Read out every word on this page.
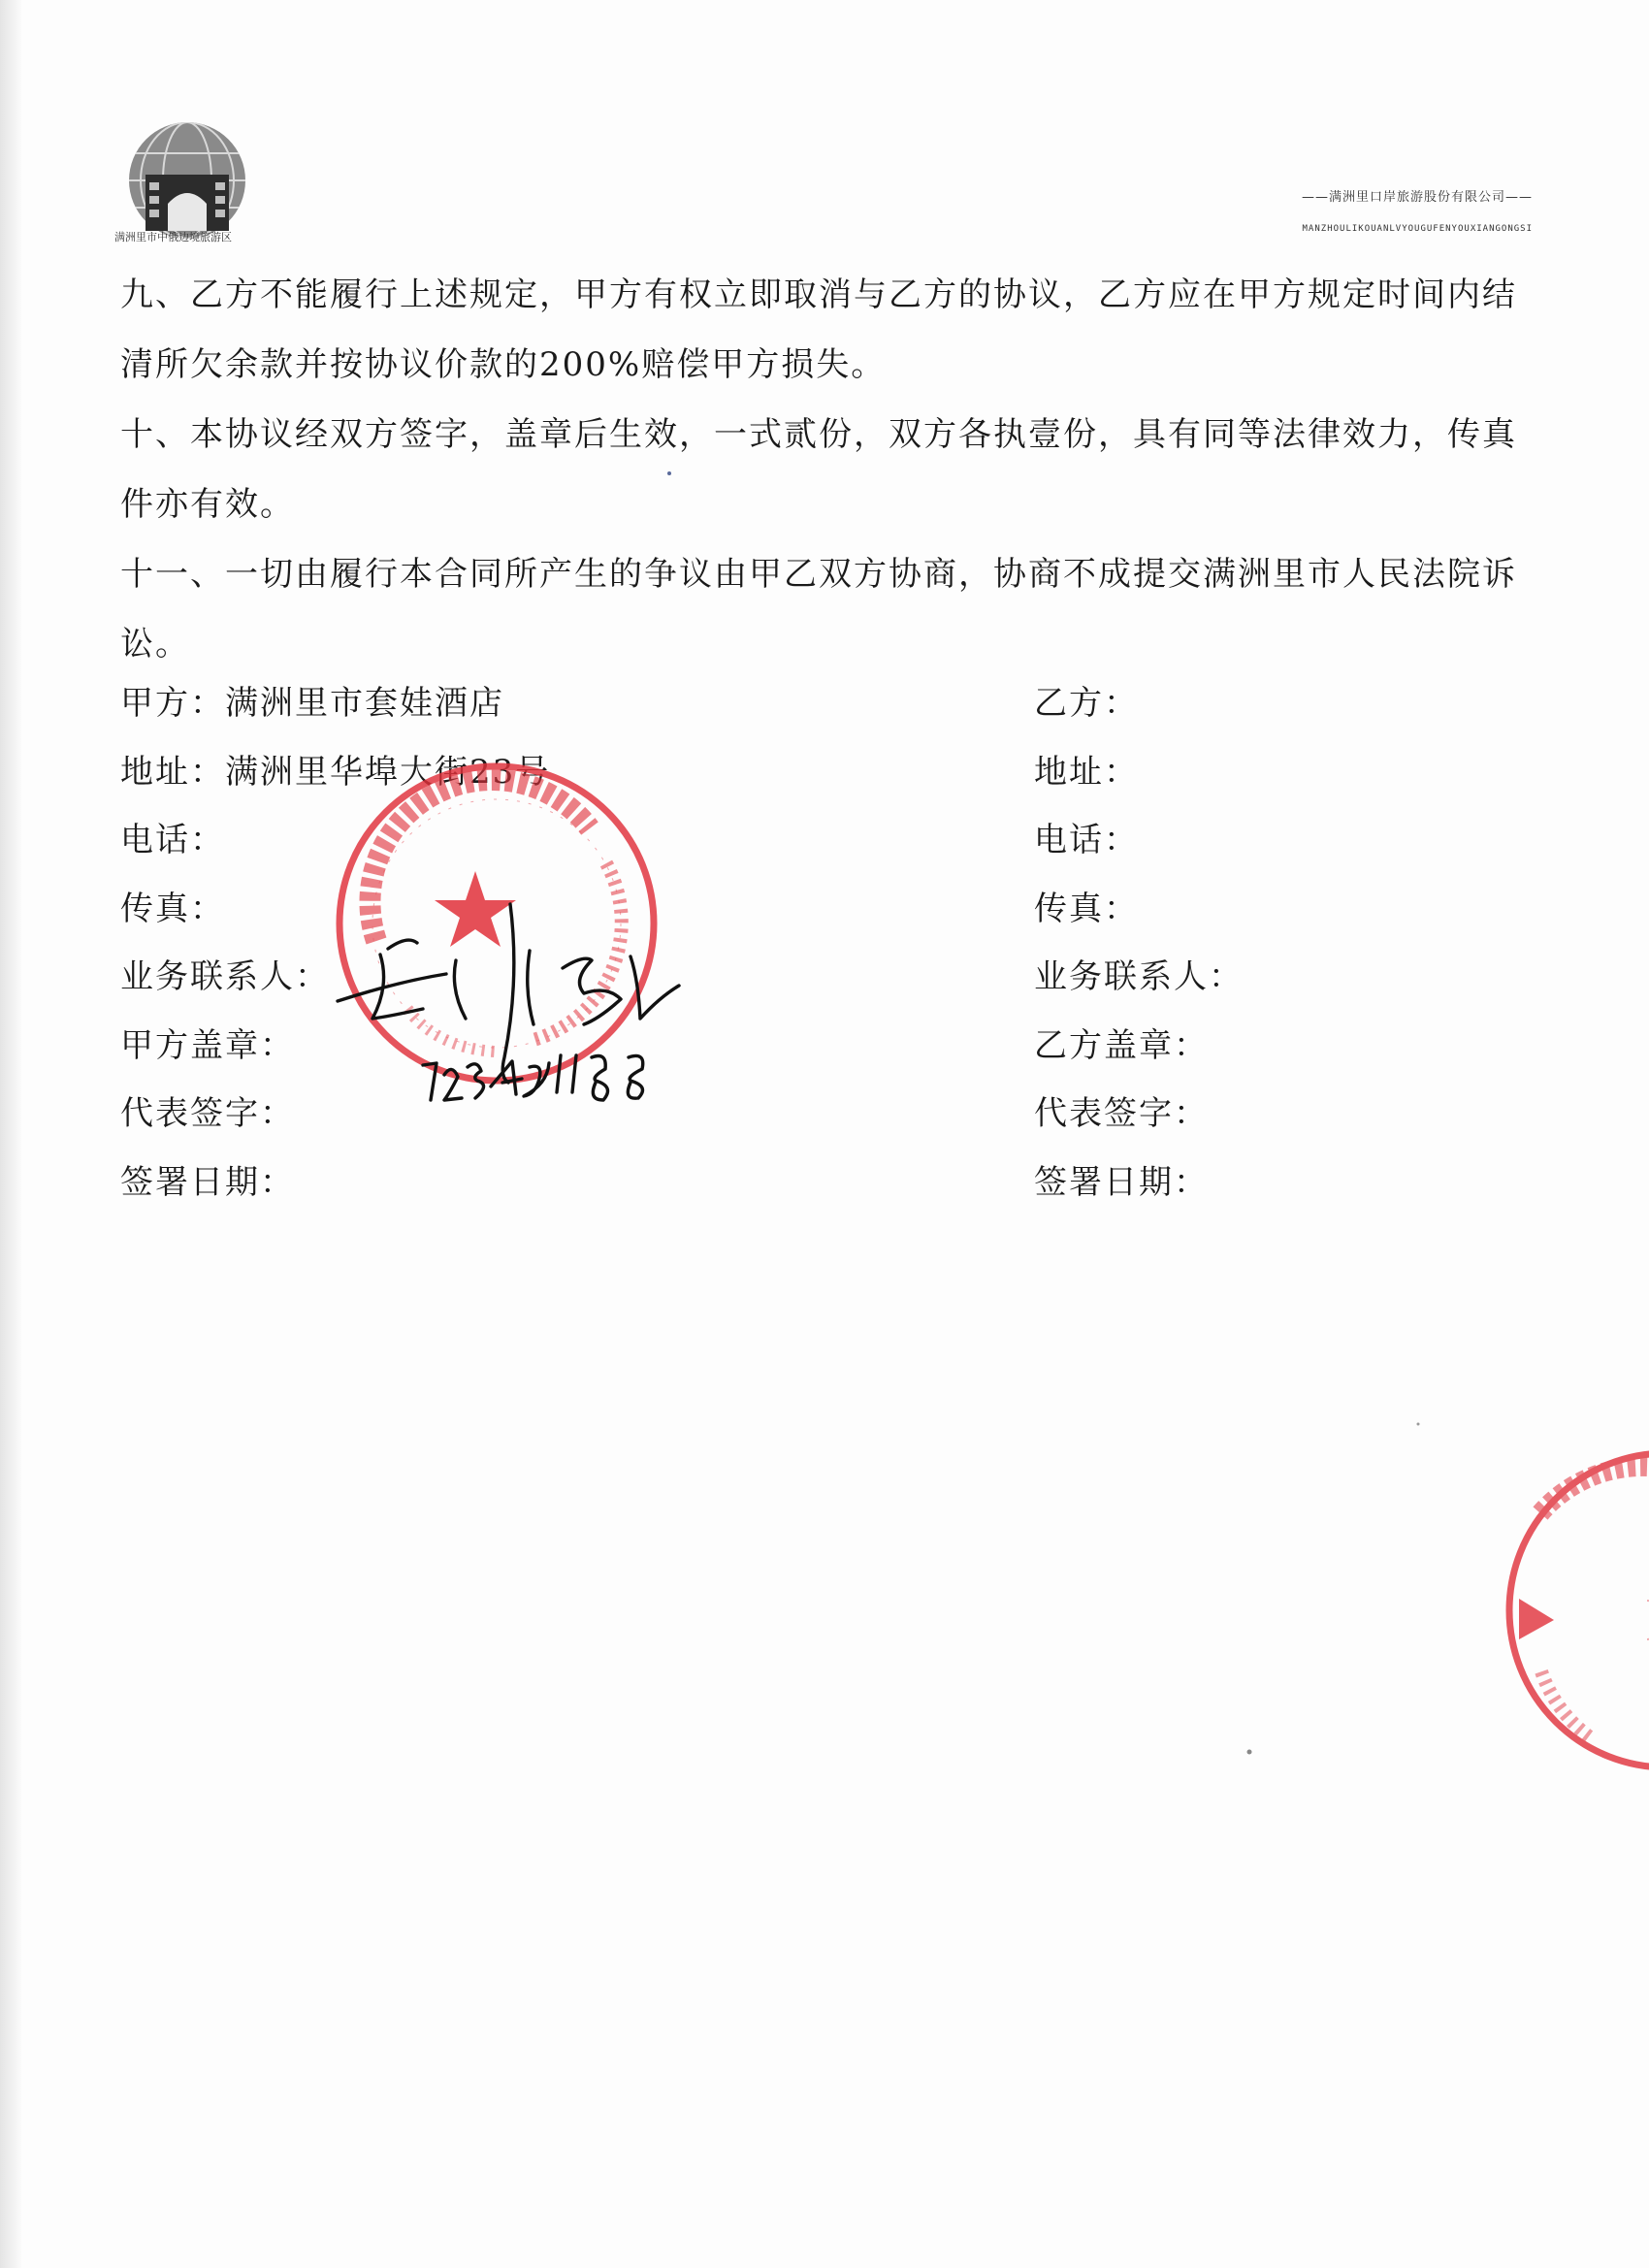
满洲里市中俄边境旅游区
——满洲里口岸旅游股份有限公司——
MANZHOULIKOUANLVYOUGUFENYOUXIANGONGSI

九、乙方不能履行上述规定，甲方有权立即取消与乙方的协议，乙方应在甲方规定时间内结清所欠余款并按协议价款的200%赔偿甲方损失。

十、本协议经双方签字，盖章后生效，一式贰份，双方各执壹份，具有同等法律效力，传真件亦有效。

十一、一切由履行本合同所产生的争议由甲乙双方协商，协商不成提交满洲里市人民法院诉讼。

甲方：满洲里市套娃酒店

地址：满洲里华埠大街23号

电话：

传真：

业务联系人：

甲方盖章：

代表签字：

签署日期：

乙方：

地址：

电话：

传真：

业务联系人：

乙方盖章：

代表签字：

签署日期：
